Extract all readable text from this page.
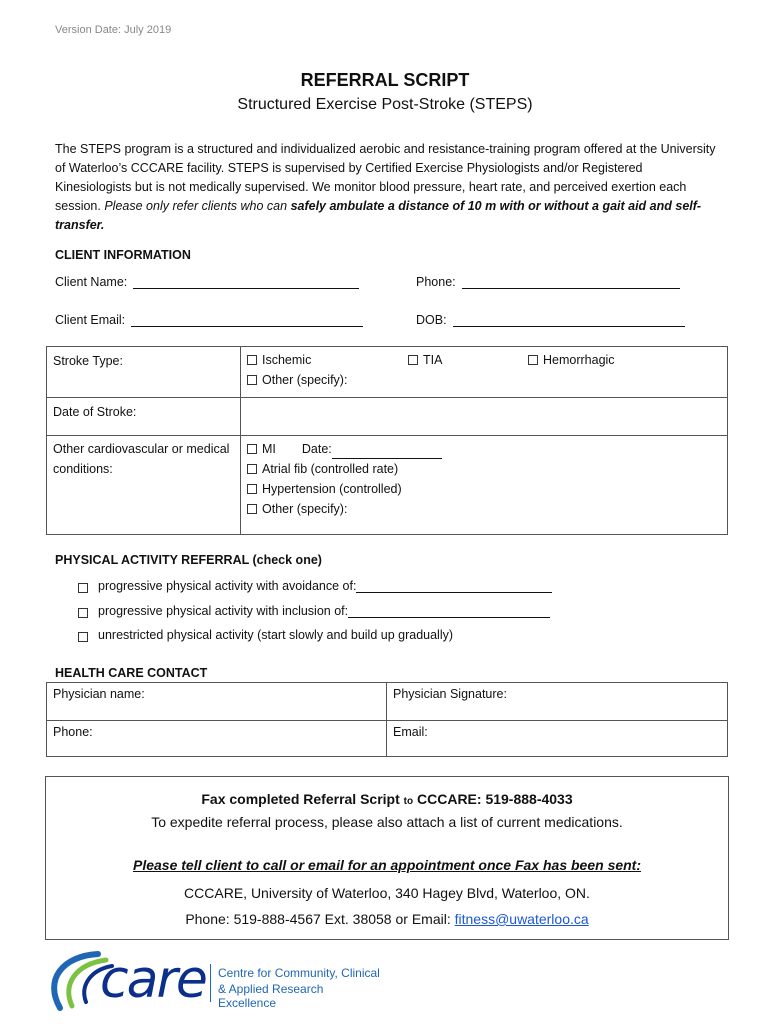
Version Date: July 2019
REFERRAL SCRIPT
Structured Exercise Post-Stroke (STEPS)
The STEPS program is a structured and individualized aerobic and resistance-training program offered at the University of Waterloo’s CCCARE facility. STEPS is supervised by Certified Exercise Physiologists and/or Registered Kinesiologists but is not medically supervised. We monitor blood pressure, heart rate, and perceived exertion each session. Please only refer clients who can safely ambulate a distance of 10 m with or without a gait aid and self-transfer.
CLIENT INFORMATION
Client Name:	Phone:
Client Email:	DOB:
Stroke Type:	Ischemic TIA Hemorrhagic
Other (specify):

Date of Stroke:	
Other cardiovascular or medical conditions:	MI Date:
Atrial fib (controlled rate)
Hypertension (controlled)
Other (specify):
PHYSICAL ACTIVITY REFERRAL (check one)
progressive physical activity with avoidance of:
progressive physical activity with inclusion of:
unrestricted physical activity (start slowly and build up gradually)
HEALTH CARE CONTACT
Physician name:	Physician Signature:
Phone:	Email:
Fax completed Referral Script to CCCARE: 519-888-4033
To expedite referral process, please also attach a list of current medications.
Please tell client to call or email for an appointment once Fax has been sent:
CCCARE, University of Waterloo, 340 Hagey Blvd, Waterloo, ON.
Phone: 519-888-4567 Ext. 38058 or Email: fitness@uwaterloo.ca
care Centre for Community, Clinical
& Applied Research Excellence
